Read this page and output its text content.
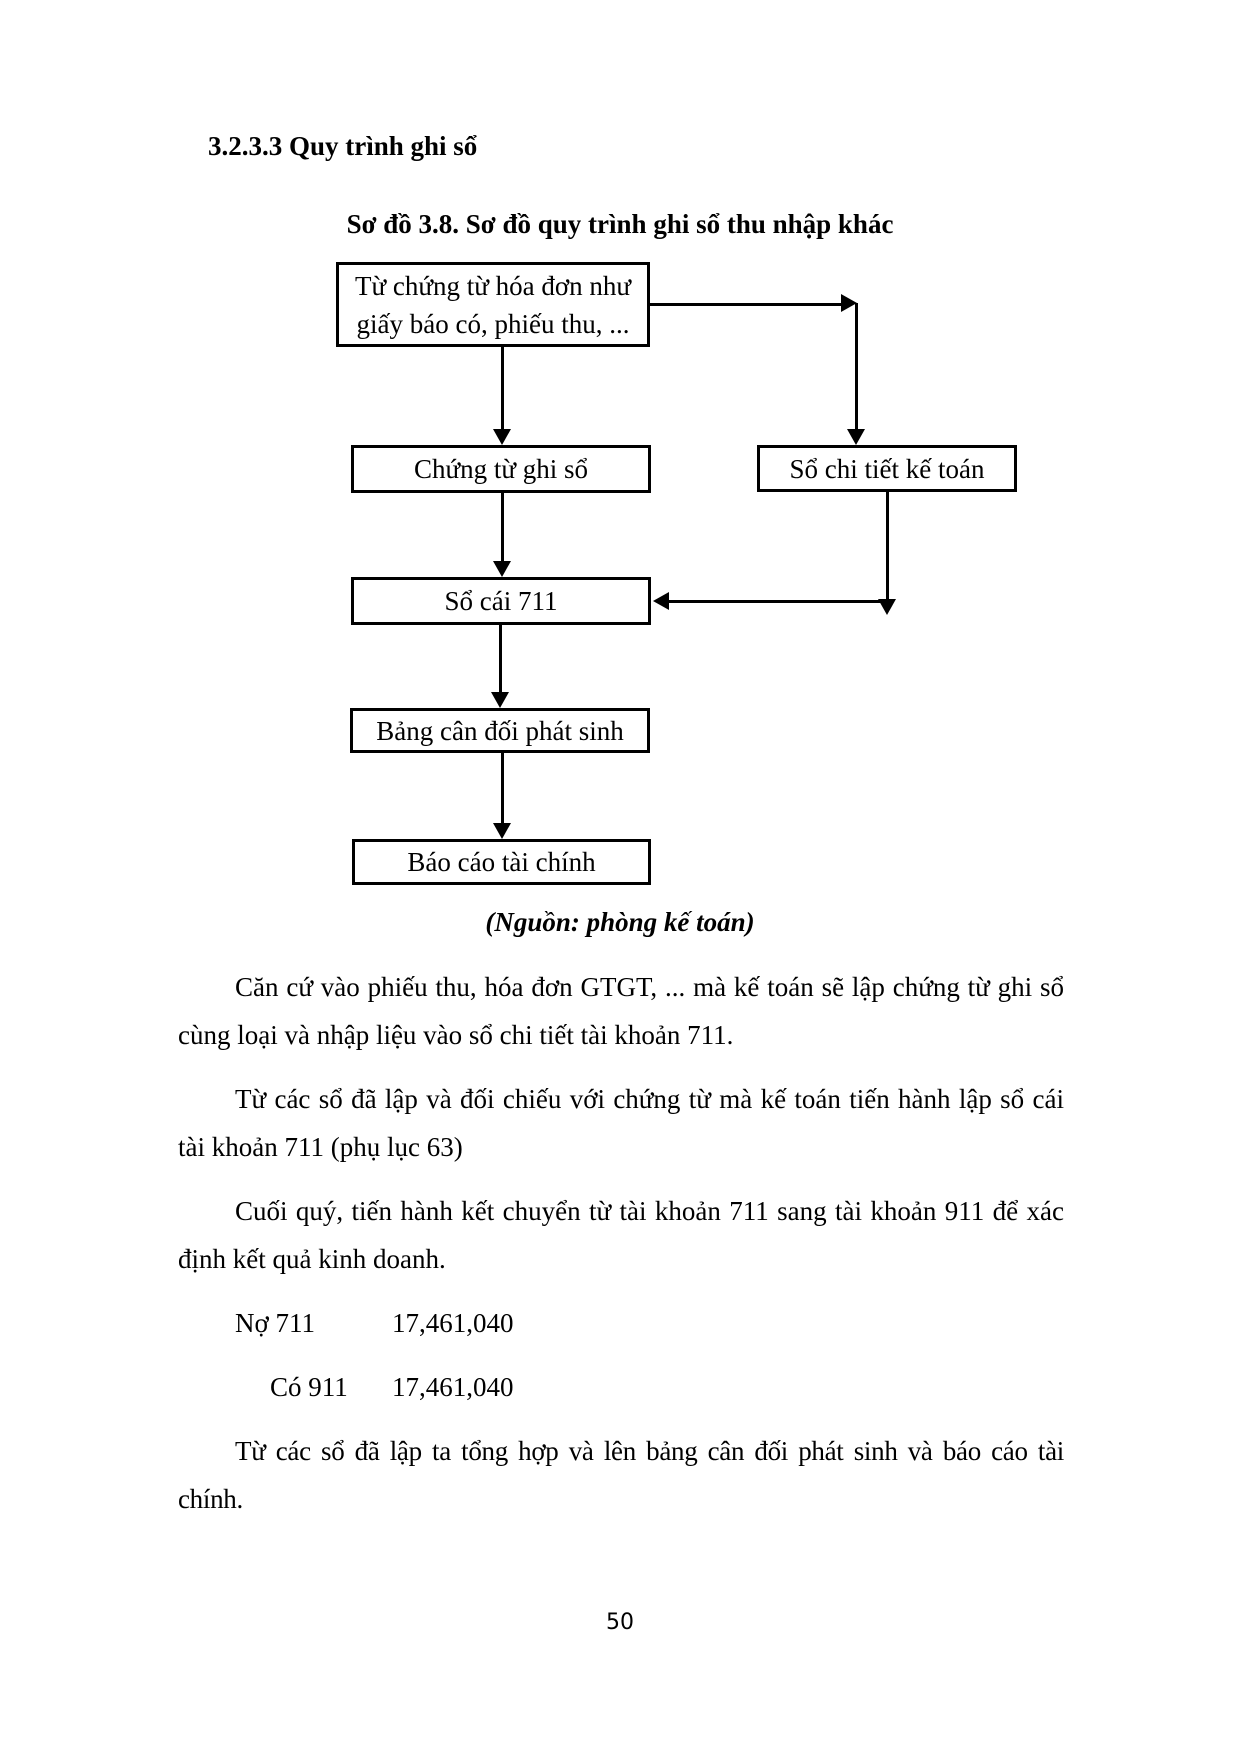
3.2.3.3 Quy trình ghi sổ
Sơ đồ 3.8. Sơ đồ quy trình ghi sổ thu nhập khác
Từ chứng từ hóa đơn như
giấy báo có, phiếu thu, ...
Chứng từ ghi sổ	Sổ chi tiết kế toán
Sổ cái 711
Bảng cân đối phát sinh
Báo cáo tài chính
(Nguồn: phòng kế toán)

Căn cứ vào phiếu thu, hóa đơn GTGT, ... mà kế toán sẽ lập chứng từ ghi sổ cùng loại và nhập liệu vào sổ chi tiết tài khoản 711.

Từ các sổ đã lập và đối chiếu với chứng từ mà kế toán tiến hành lập sổ cái tài khoản 711 (phụ lục 63)

Cuối quý, tiến hành kết chuyển từ tài khoản 711 sang tài khoản 911 để xác định kết quả kinh doanh.

Nợ 711	17,461,040

Có 911 17,461,040

Từ các sổ đã lập ta tổng hợp và lên bảng cân đối phát sinh và báo cáo tài chính.

50
